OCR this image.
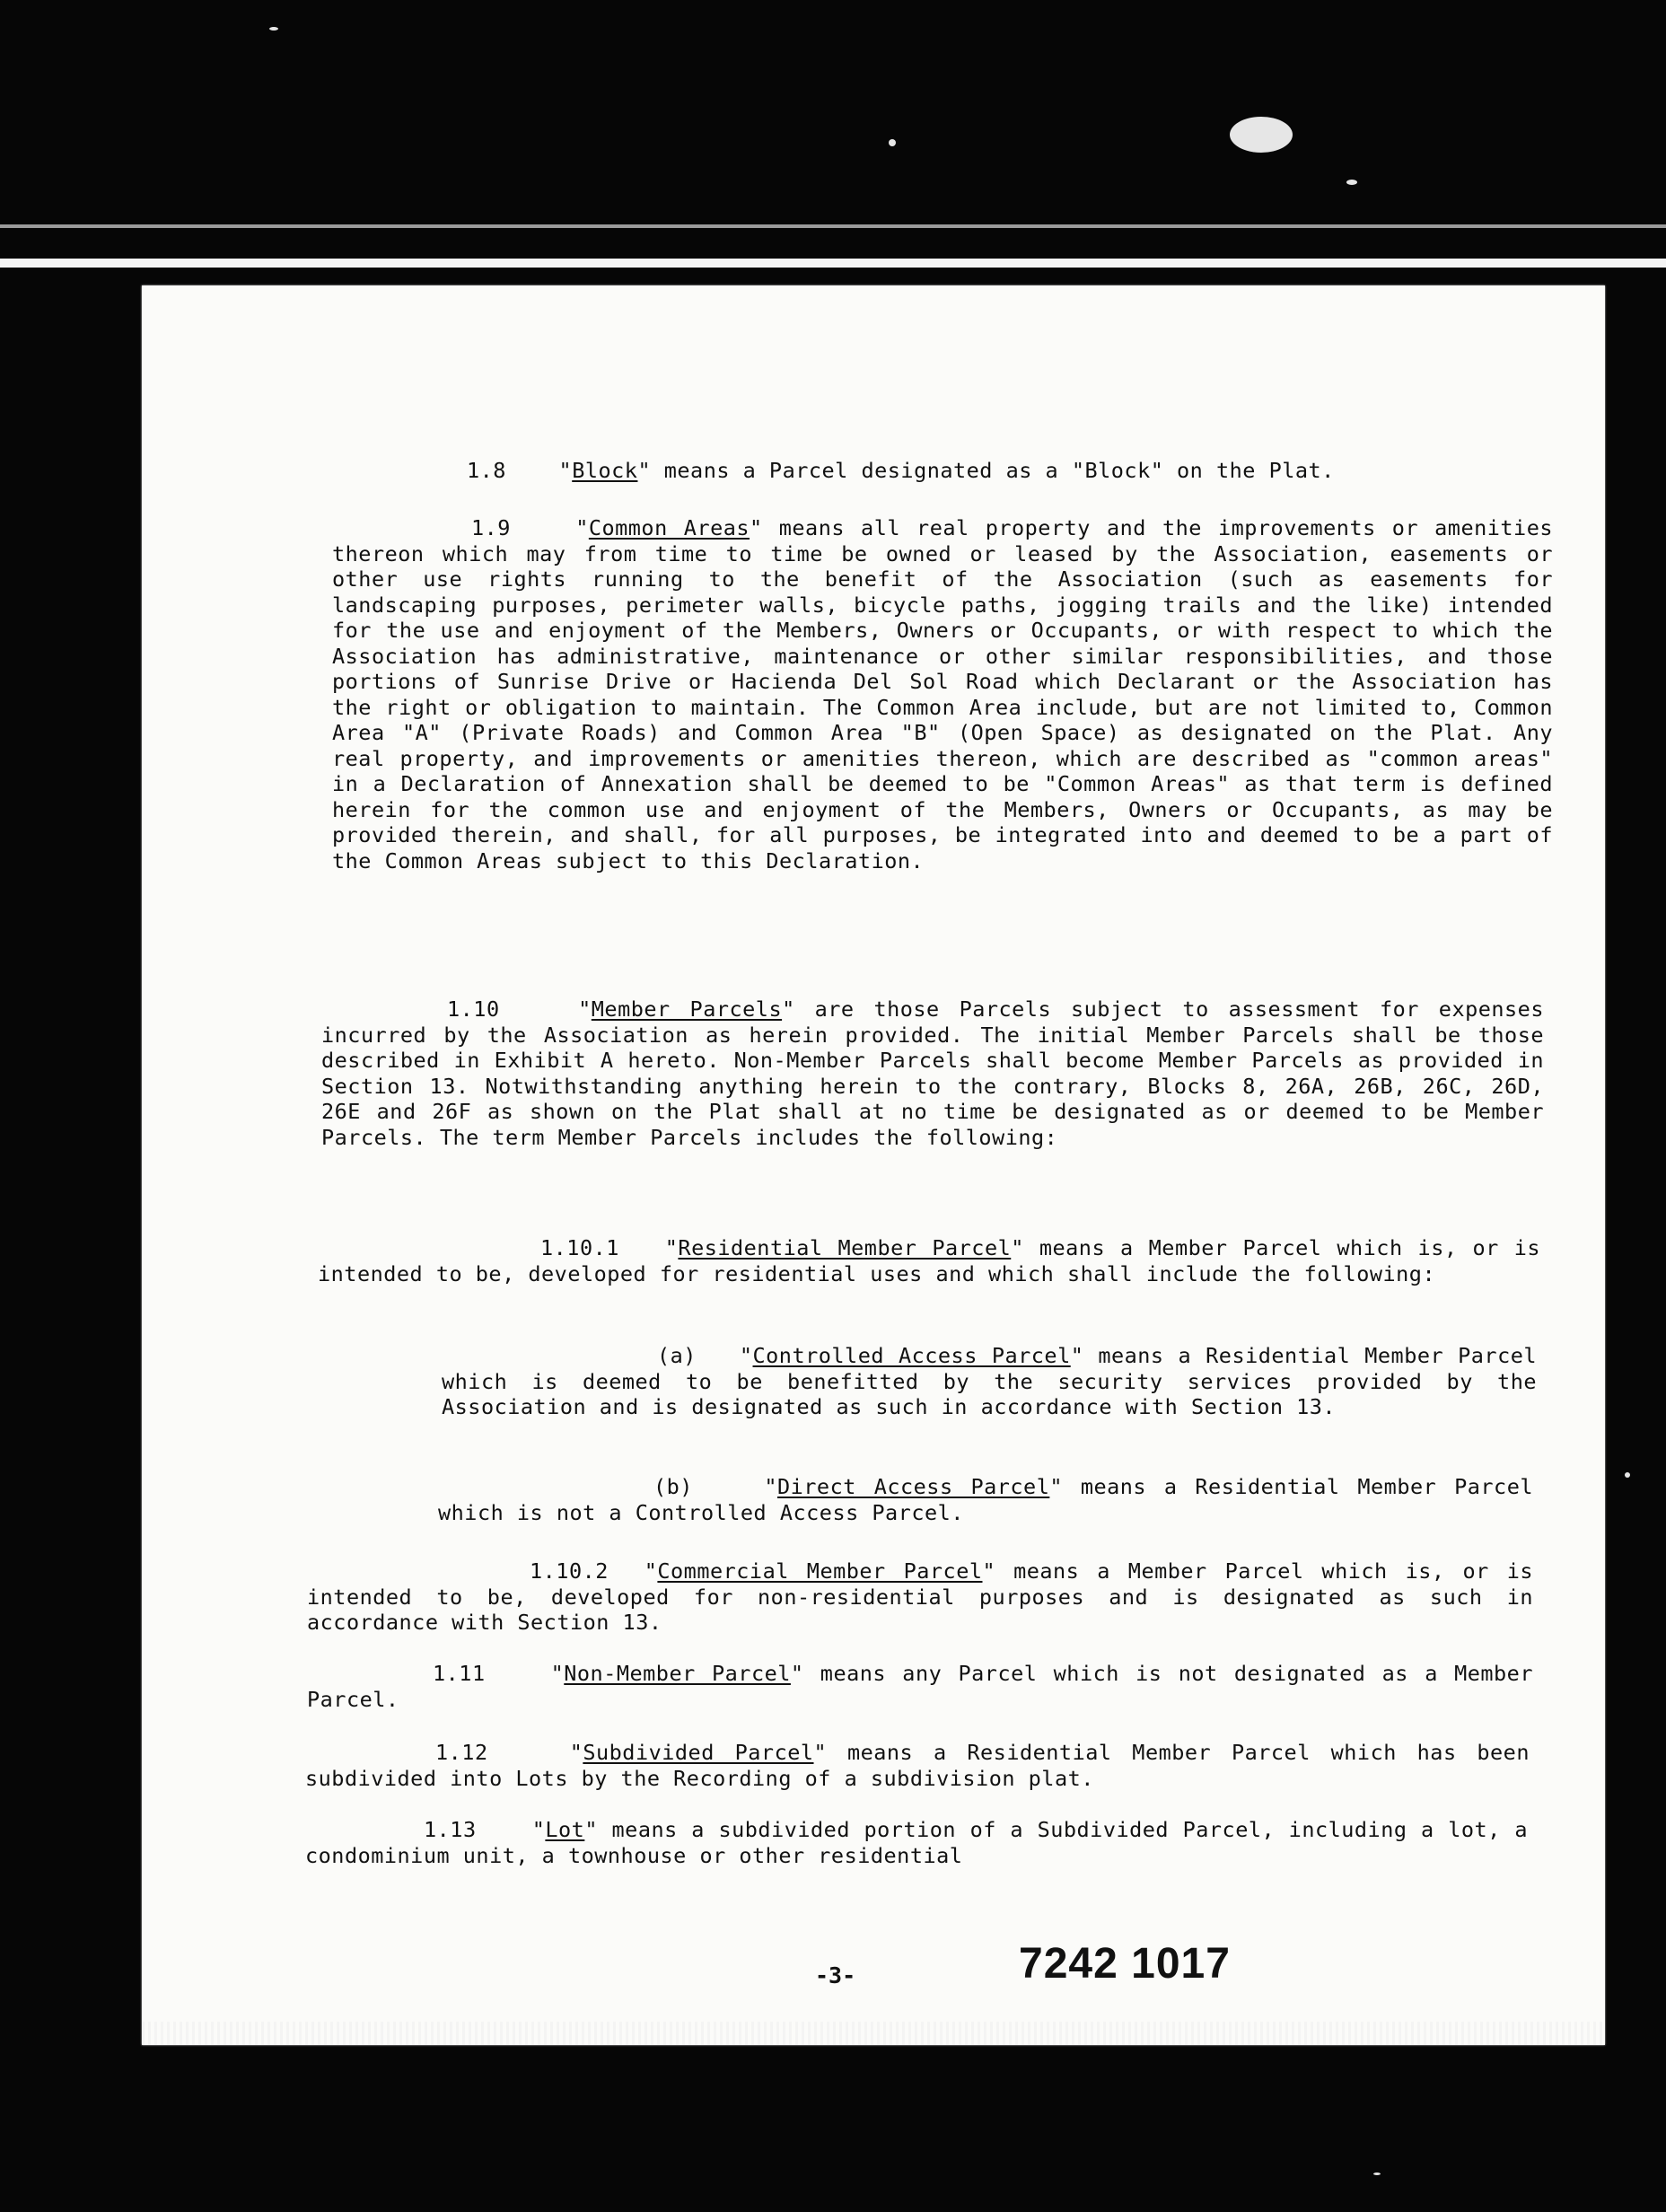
1.8    "Block" means a Parcel designated as a "Block" on the Plat.

1.9    "Common Areas" means all real property and the improvements or amenities thereon which may from time to time be owned or leased by the Association, easements or other use rights running to the benefit of the Association (such as easements for landscaping purposes, perimeter walls, bicycle paths, jogging trails and the like) intended for the use and enjoyment of the Members, Owners or Occupants, or with respect to which the Association has administrative, maintenance or other similar responsibilities, and those portions of Sunrise Drive or Hacienda Del Sol Road which Declarant or the Association has the right or obligation to maintain. The Common Area include, but are not limited to, Common Area "A" (Private Roads) and Common Area "B" (Open Space) as designated on the Plat. Any real property, and improvements or amenities thereon, which are described as "common areas" in a Declaration of Annexation shall be deemed to be "Common Areas" as that term is defined herein for the common use and enjoyment of the Members, Owners or Occupants, as may be provided therein, and shall, for all purposes, be integrated into and deemed to be a part of the Common Areas subject to this Declaration.

1.10    "Member Parcels" are those Parcels subject to assessment for expenses incurred by the Association as herein provided. The initial Member Parcels shall be those described in Exhibit A hereto. Non-Member Parcels shall become Member Parcels as provided in Section 13. Notwithstanding anything herein to the contrary, Blocks 8, 26A, 26B, 26C, 26D, 26E and 26F as shown on the Plat shall at no time be designated as or deemed to be Member Parcels. The term Member Parcels includes the following:

1.10.1   "Residential Member Parcel" means a Member Parcel which is, or is intended to be, developed for residential uses and which shall include the following:

(a)   "Controlled Access Parcel" means a Residential Member Parcel which is deemed to be benefitted by the security services provided by the Association and is designated as such in accordance with Section 13.

(b)    "Direct Access Parcel" means a Residential Member Parcel which is not a Controlled Access Parcel.

1.10.2  "Commercial Member Parcel" means a Member Parcel which is, or is intended to be, developed for non-residential purposes and is designated as such in accordance with Section 13.

1.11    "Non-Member Parcel" means any Parcel which is not designated as a Member Parcel.

1.12    "Subdivided Parcel" means a Residential Member Parcel which has been subdivided into Lots by the Recording of a subdivision plat.

1.13    "Lot" means a subdivided portion of a Subdivided Parcel, including a lot, a condominium unit, a townhouse or other residential

-3-	7242 1017
